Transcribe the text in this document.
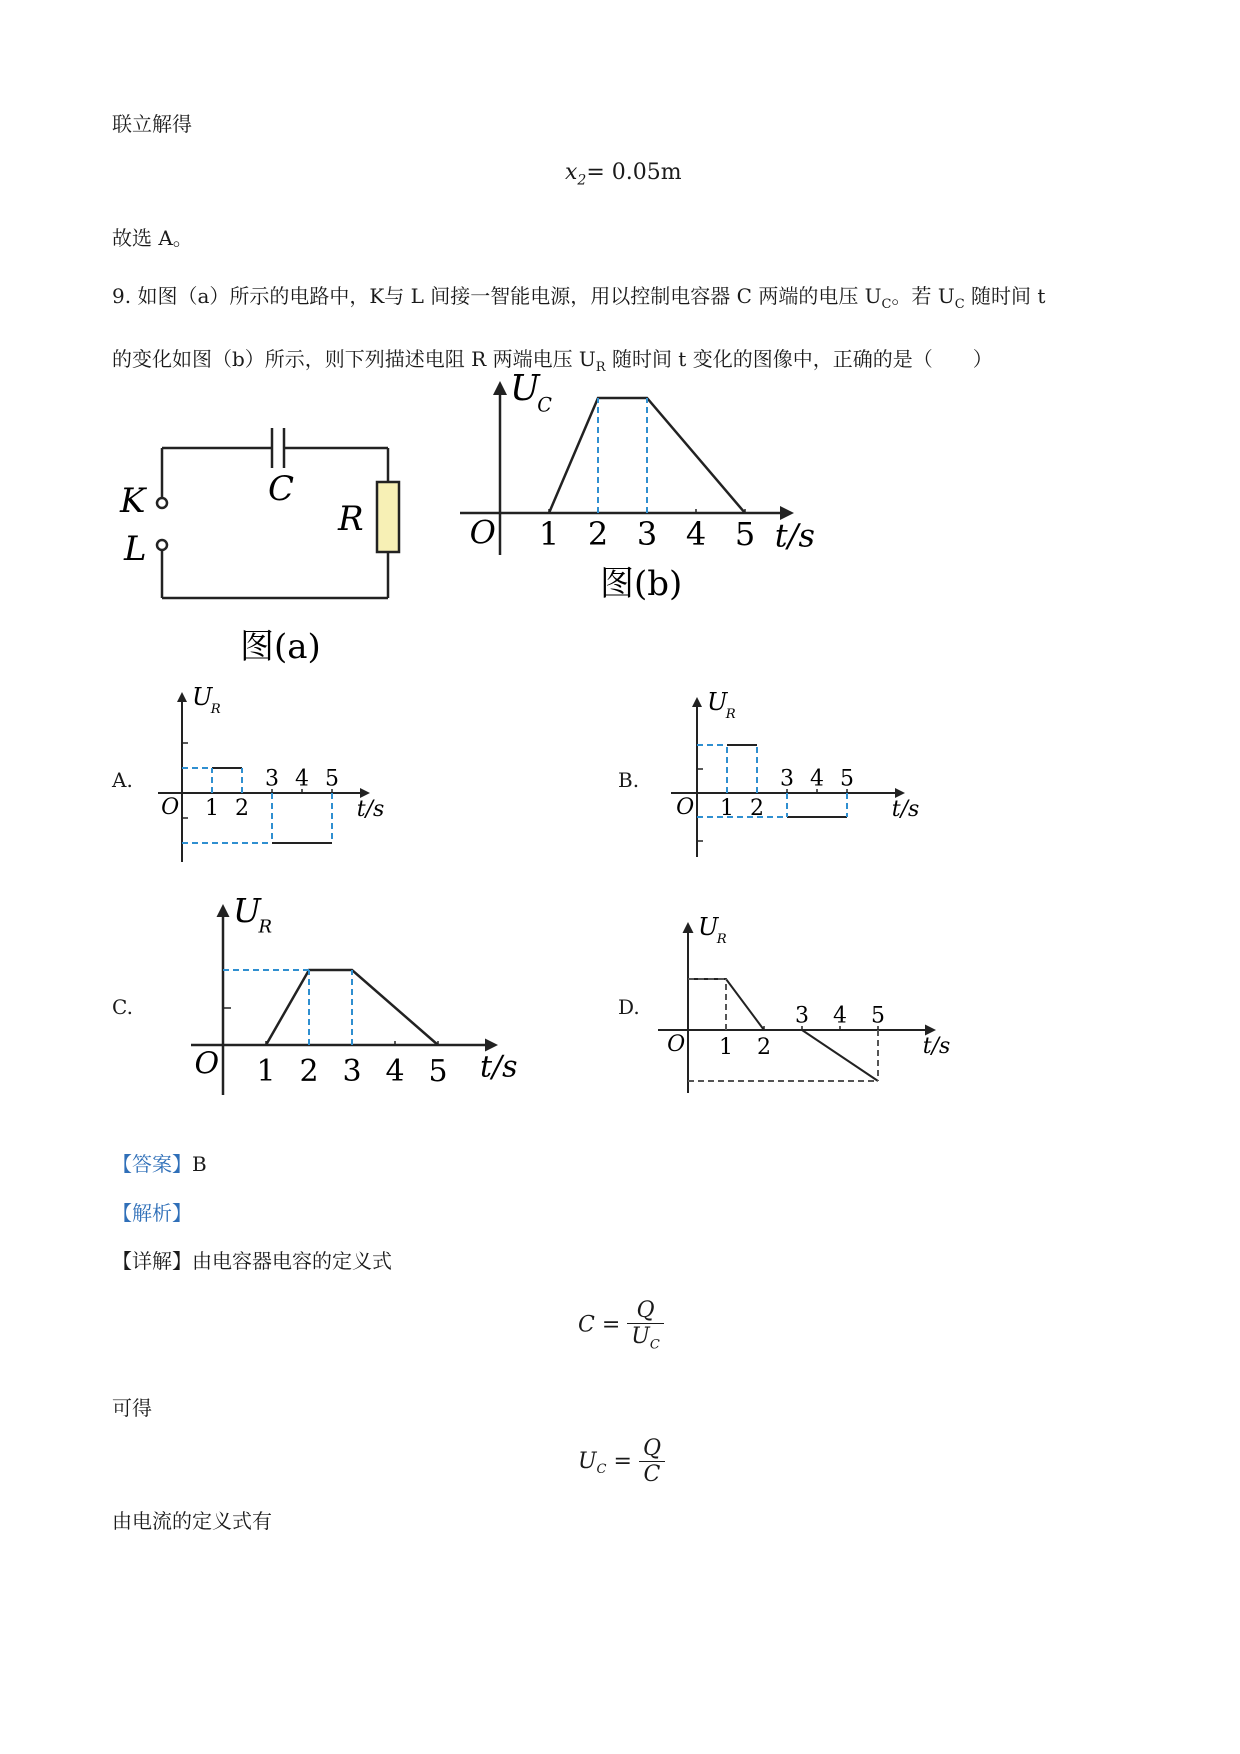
联立解得
$x_2= 0.05m$
故选 A。
9. 如图（a）所示的电路中，K与 L 间接一智能电源，用以控制电容器 C 两端的电压 $U_C$。若 $U_C$ 随时间 t
的变化如图（b）所示，则下列描述电阻 R 两端电压 $U_R$ 随时间 t 变化的图像中，正确的是（　　）
K
L
C
R
图(a)
U
C
O	t/s
1 2 3 4 5
图(b)
A.	B.
C.	D.
U
R
O	t/s
1 2
3 4 5
U
R
O	t/s
1 2
3 4 5
U
R
O	t/s
1 2 3 4 5
U
R
O	t/s
1 2
3 4 5
【答案】B
【解析】
【详解】由电容器电容的定义式
$C = \frac{Q}{U_C}$
可得
$U_C = \frac{Q}{C}$
由电流的定义式有
